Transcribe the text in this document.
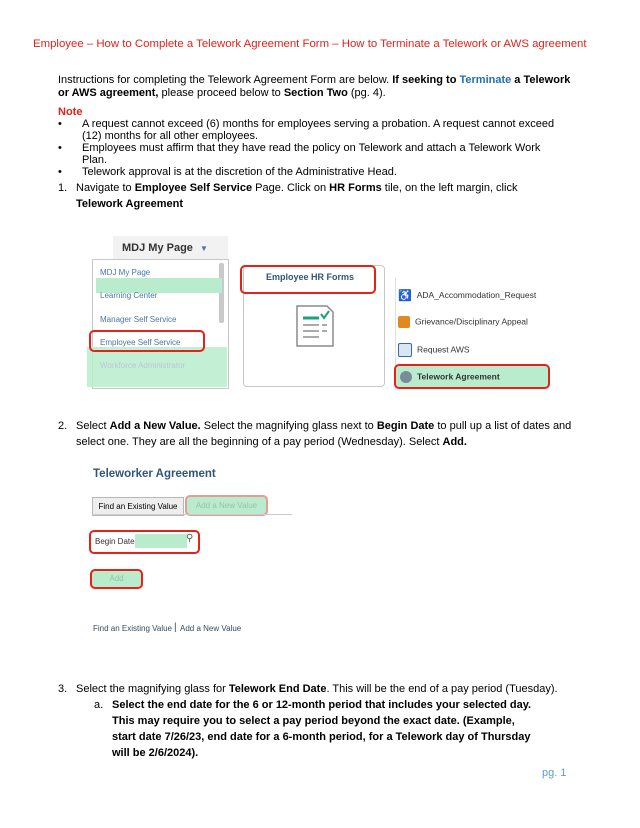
Employee – How to Complete a Telework Agreement Form – How to Terminate a Telework or AWS agreement
Instructions for completing the Telework Agreement Form are below. If seeking to Terminate a Telework or AWS agreement, please proceed below to Section Two (pg. 4).
Note
• A request cannot exceed (6) months for employees serving a probation. A request cannot exceed (12) months for all other employees.
• Employees must affirm that they have read the policy on Telework and attach a Telework Work Plan.
• Telework approval is at the discretion of the Administrative Head.
1. Navigate to Employee Self Service Page. Click on HR Forms tile, on the left margin, click Telework Agreement
MDJ My Page ▼
MDJ My Page
Learning Center
Manager Self Service
Employee Self Service
Workforce Administrator
Employee HR Forms
♿ ADA_Accommodation_Request
Grievance/Disciplinary Appeal
Request AWS
Telework Agreement
2. Select Add a New Value. Select the magnifying glass next to Begin Date to pull up a list of dates and select one. They are all the beginning of a pay period (Wednesday). Select Add.
Teleworker Agreement
Find an Existing Value	Add a New Value
Begin Date	⚲
Add
Find an Existing Value | Add a New Value
3. Select the magnifying glass for Telework End Date. This will be the end of a pay period (Tuesday).
a. Select the end date for the 6 or 12-month period that includes your selected day. This may require you to select a pay period beyond the exact date. (Example, start date 7/26/23, end date for a 6-month period, for a Telework day of Thursday will be 2/6/2024).
pg. 1
